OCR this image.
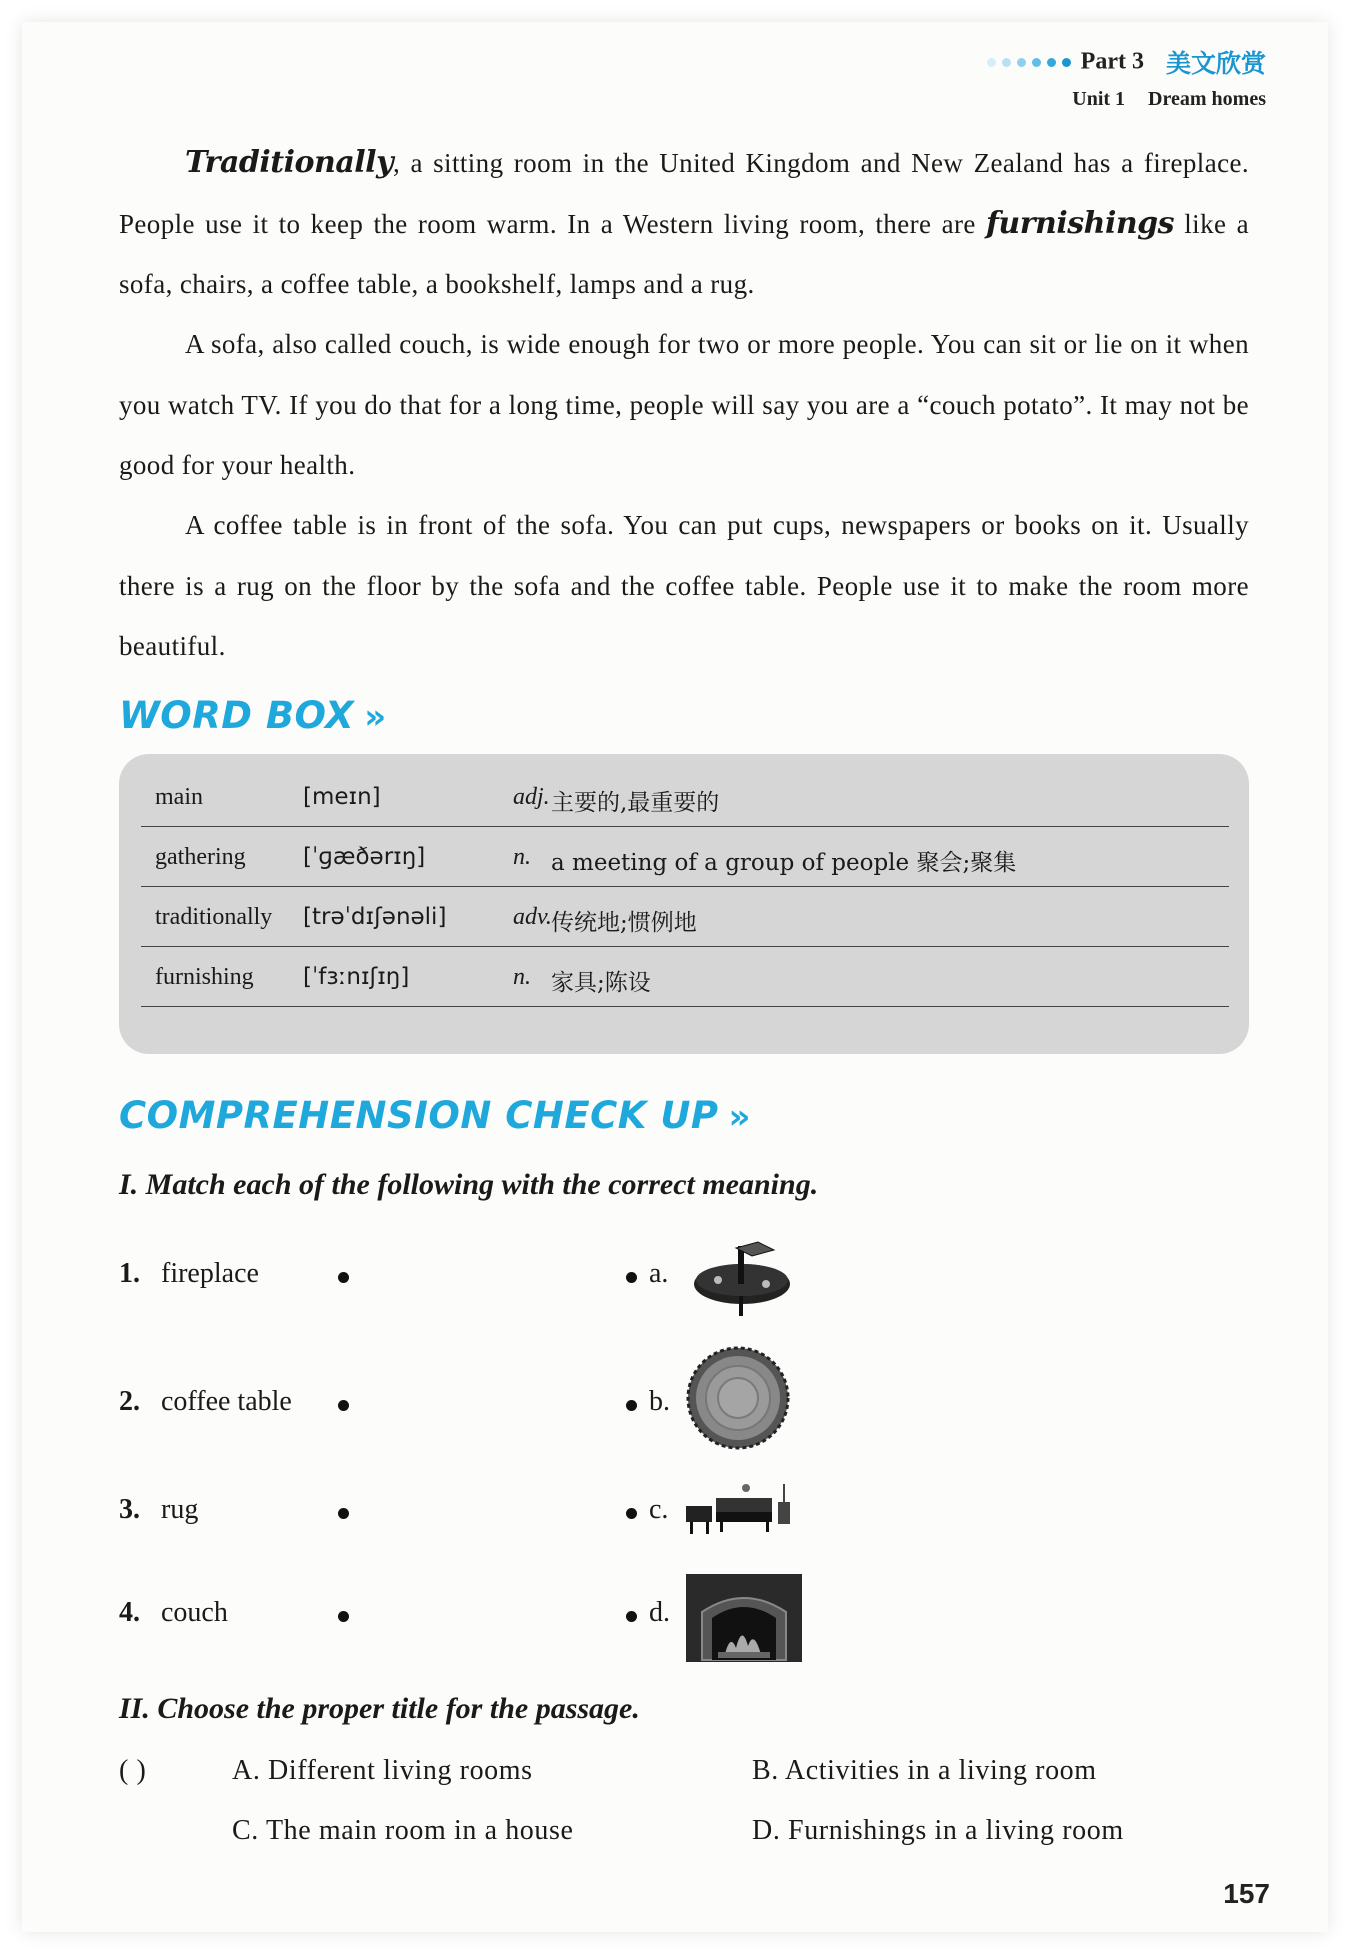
Part 3 美文欣赏
Unit 1 Dream homes
Traditionally, a sitting room in the United Kingdom and New Zealand has a fireplace. People use it to keep the room warm. In a Western living room, there are furnishings like a sofa, chairs, a coffee table, a bookshelf, lamps and a rug.
A sofa, also called couch, is wide enough for two or more people. You can sit or lie on it when you watch TV. If you do that for a long time, people will say you are a “couch potato”. It may not be good for your health.
A coffee table is in front of the sofa. You can put cups, newspapers or books on it. Usually there is a rug on the floor by the sofa and the coffee table. People use it to make the room more beautiful.
WORD BOX »
main	[meɪn]	adj. 主要的,最重要的
gathering [ˈɡæðərɪŋ]	n. a meeting of a group of people 聚会;聚集
traditionally [trəˈdɪʃənəli]	adv. 传统地;惯例地
furnishing [ˈfɜːnɪʃɪŋ]	n. 家具;陈设
COMPREHENSION CHECK UP »
I. Match each of the following with the correct meaning.
1. fireplace	a.
2. coffee table	b.
3. rug	c.
4. couch	d.
II. Choose the proper title for the passage.
( )	A. Different living rooms	B. Activities in a living room
C. The main room in a house	D. Furnishings in a living room
157
